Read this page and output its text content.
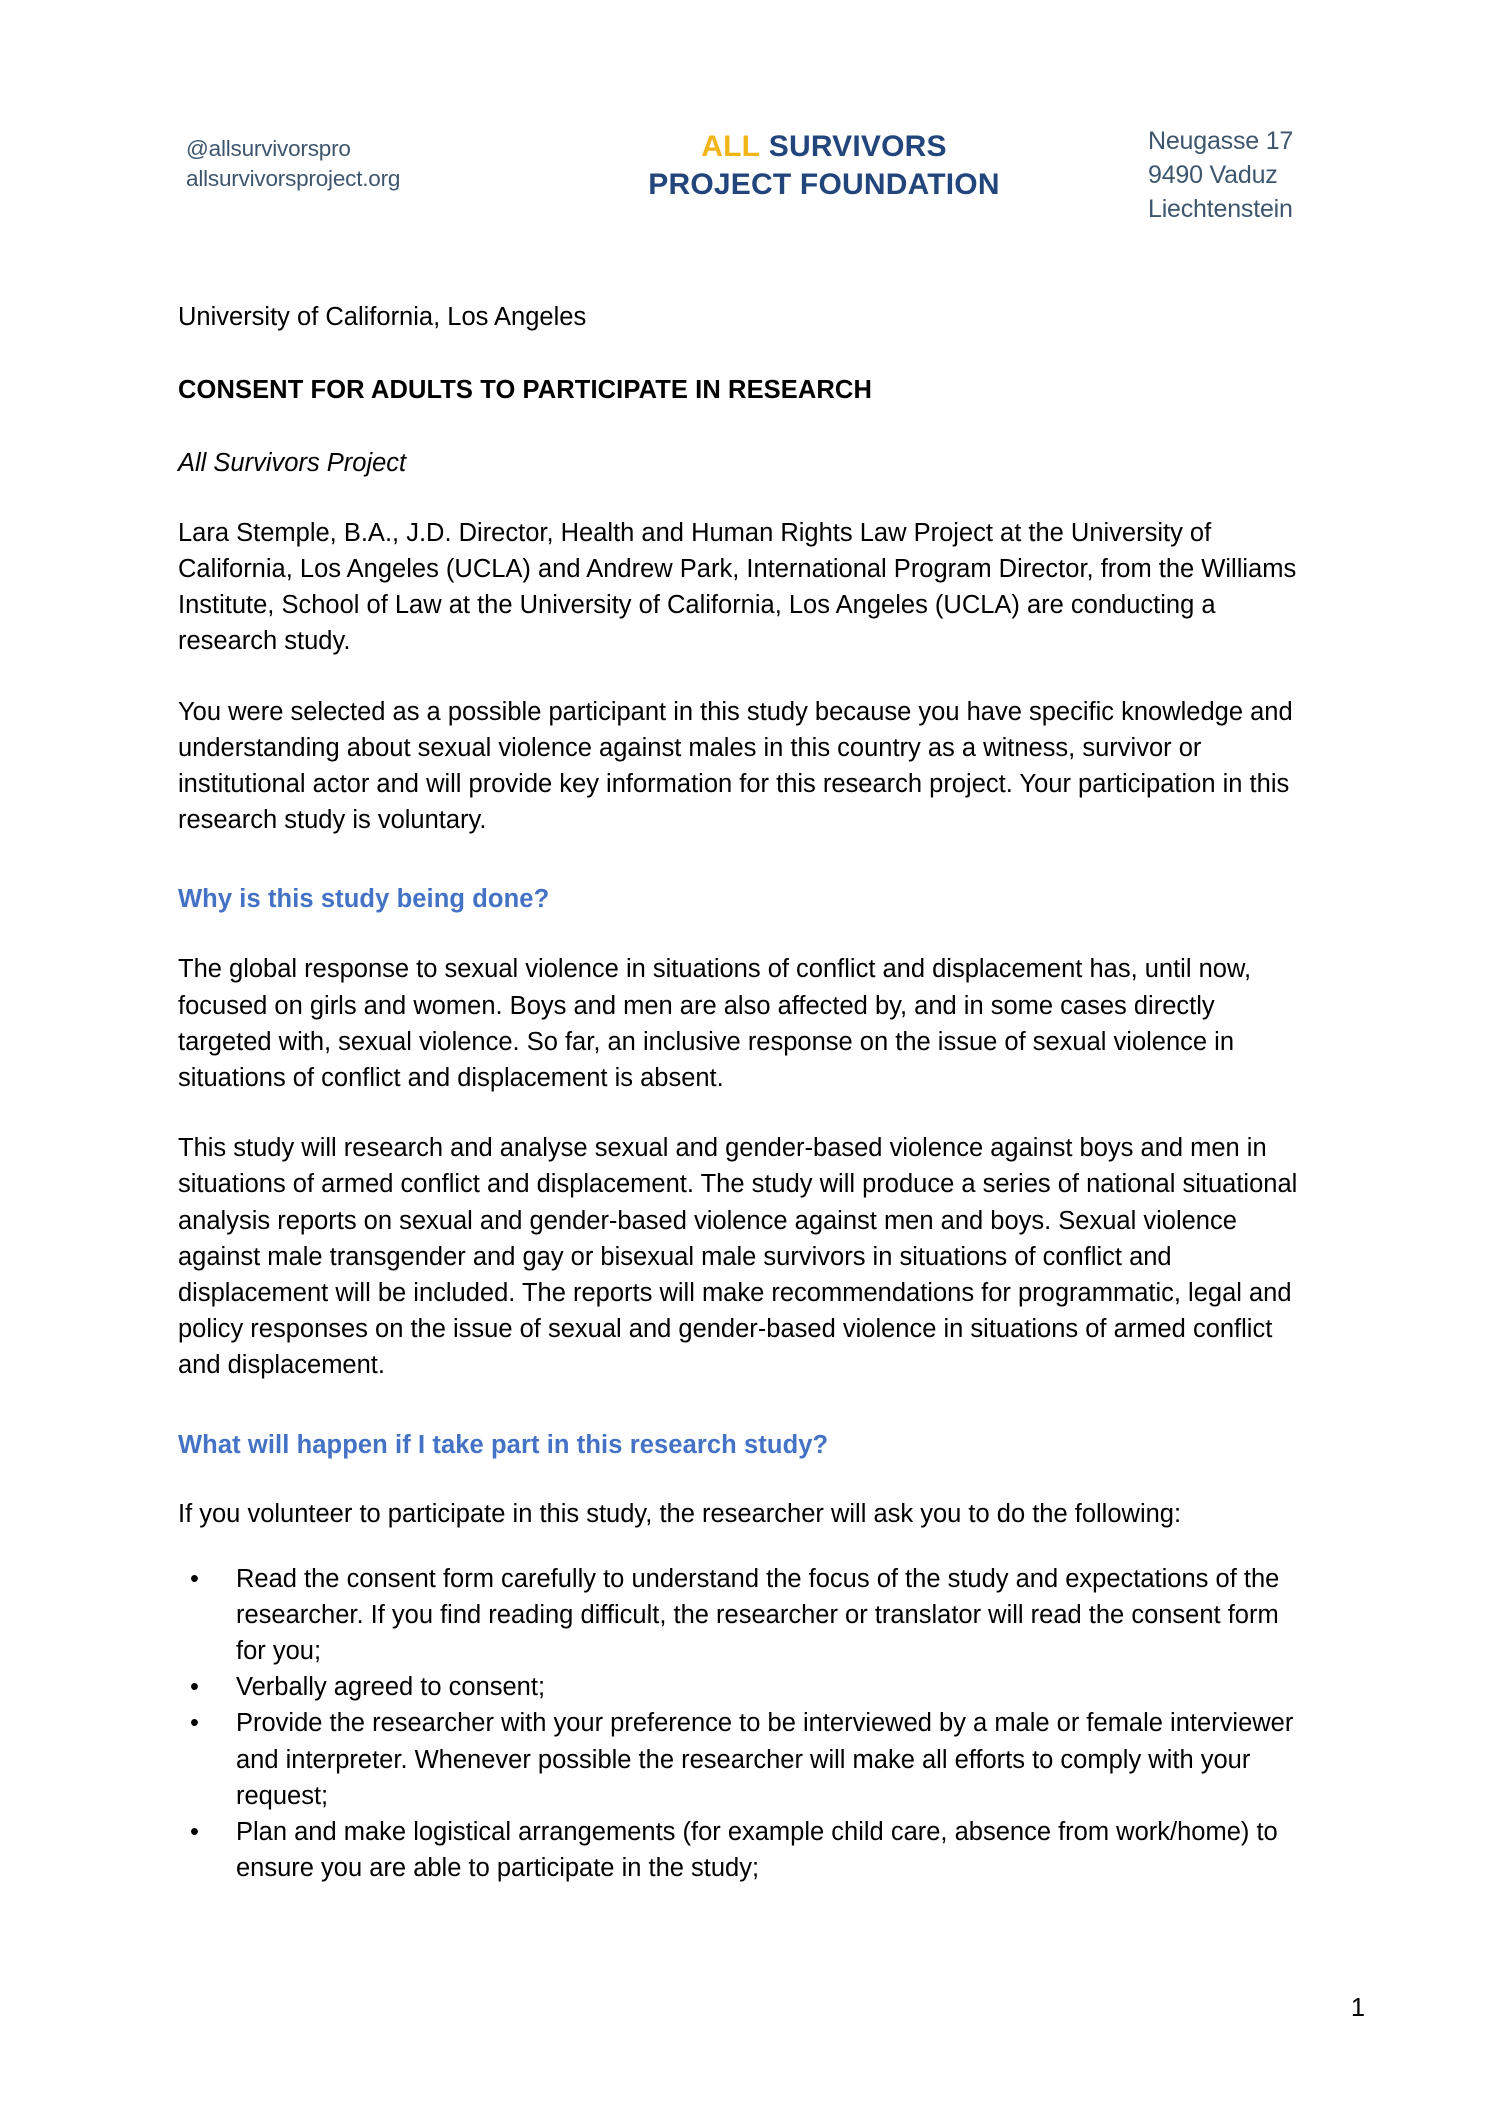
@allsurvivorspro
allsurvivorsproject.org
ALL SURVIVORS
PROJECT FOUNDATION
Neugasse 17
9490 Vaduz
Liechtenstein
University of California, Los Angeles
CONSENT FOR ADULTS TO PARTICIPATE IN RESEARCH
All Survivors Project

Lara Stemple, B.A., J.D. Director, Health and Human Rights Law Project at the University of California, Los Angeles (UCLA) and Andrew Park, International Program Director, from the Williams Institute, School of Law at the University of California, Los Angeles (UCLA) are conducting a research study.

You were selected as a possible participant in this study because you have specific knowledge and understanding about sexual violence against males in this country as a witness, survivor or institutional actor and will provide key information for this research project. Your participation in this research study is voluntary.

Why is this study being done?

The global response to sexual violence in situations of conflict and displacement has, until now, focused on girls and women. Boys and men are also affected by, and in some cases directly targeted with, sexual violence. So far, an inclusive response on the issue of sexual violence in situations of conflict and displacement is absent.

This study will research and analyse sexual and gender-based violence against boys and men in situations of armed conflict and displacement. The study will produce a series of national situational analysis reports on sexual and gender-based violence against men and boys. Sexual violence against male transgender and gay or bisexual male survivors in situations of conflict and displacement will be included. The reports will make recommendations for programmatic, legal and policy responses on the issue of sexual and gender-based violence in situations of armed conflict and displacement.

What will happen if I take part in this research study?

If you volunteer to participate in this study, the researcher will ask you to do the following:

• Read the consent form carefully to understand the focus of the study and expectations of the researcher. If you find reading difficult, the researcher or translator will read the consent form for you;
• Verbally agreed to consent;
• Provide the researcher with your preference to be interviewed by a male or female interviewer and interpreter. Whenever possible the researcher will make all efforts to comply with your request;
• Plan and make logistical arrangements (for example child care, absence from work/home) to ensure you are able to participate in the study;
1
